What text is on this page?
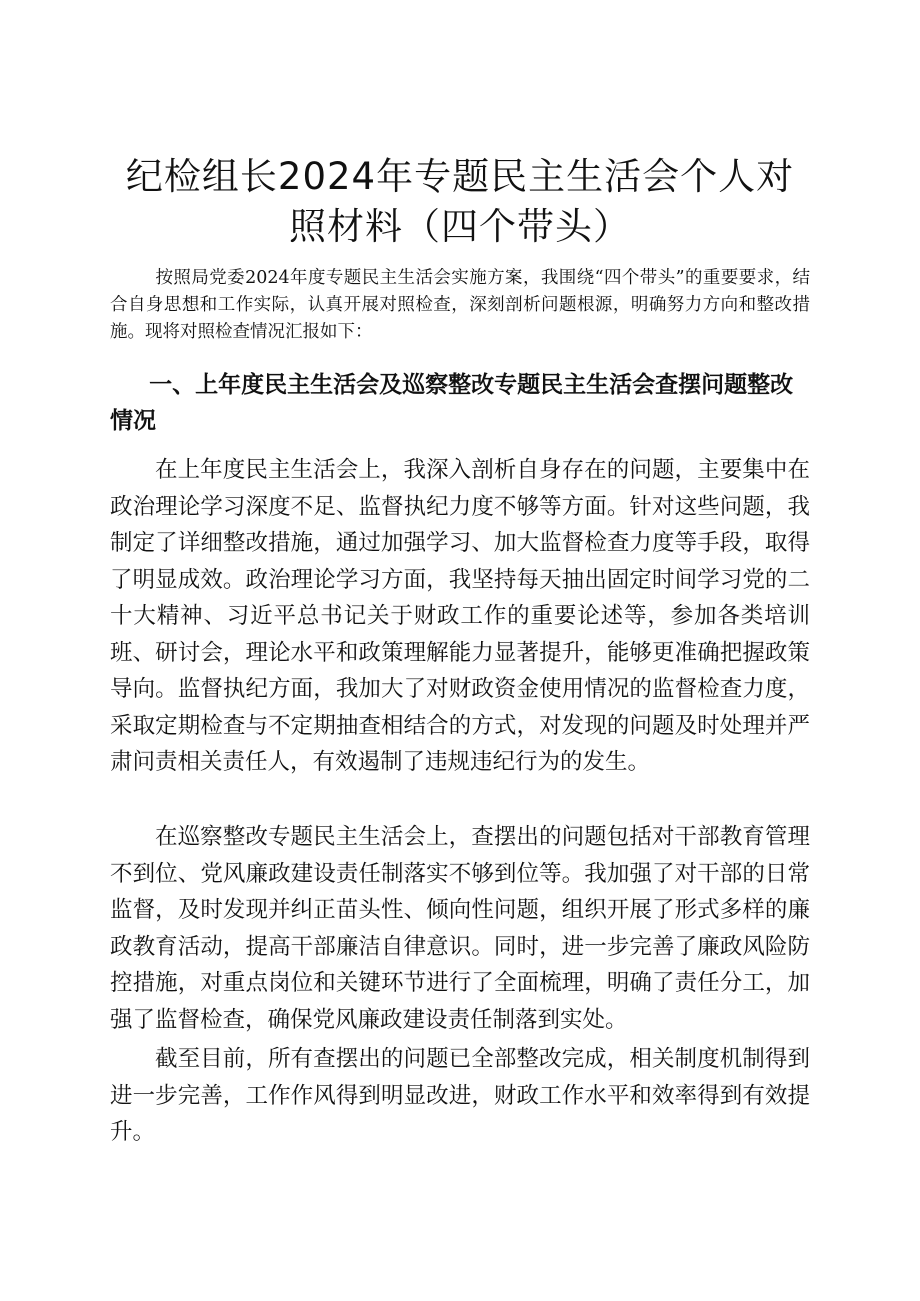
纪检组长2024年专题民主生活会个人对照材料（四个带头）

按照局党委2024年度专题民主生活会实施方案，我围绕“四个带头”的重要要求，结合自身思想和工作实际，认真开展对照检查，深刻剖析问题根源，明确努力方向和整改措施。现将对照检查情况汇报如下：

一、上年度民主生活会及巡察整改专题民主生活会查摆问题整改情况

在上年度民主生活会上，我深入剖析自身存在的问题，主要集中在政治理论学习深度不足、监督执纪力度不够等方面。针对这些问题，我制定了详细整改措施，通过加强学习、加大监督检查力度等手段，取得了明显成效。政治理论学习方面，我坚持每天抽出固定时间学习党的二十大精神、习近平总书记关于财政工作的重要论述等，参加各类培训班、研讨会，理论水平和政策理解能力显著提升，能够更准确把握政策导向。监督执纪方面，我加大了对财政资金使用情况的监督检查力度，采取定期检查与不定期抽查相结合的方式，对发现的问题及时处理并严肃问责相关责任人，有效遏制了违规违纪行为的发生。

在巡察整改专题民主生活会上，查摆出的问题包括对干部教育管理不到位、党风廉政建设责任制落实不够到位等。我加强了对干部的日常监督，及时发现并纠正苗头性、倾向性问题，组织开展了形式多样的廉政教育活动，提高干部廉洁自律意识。同时，进一步完善了廉政风险防控措施，对重点岗位和关键环节进行了全面梳理，明确了责任分工，加强了监督检查，确保党风廉政建设责任制落到实处。

截至目前，所有查摆出的问题已全部整改完成，相关制度机制得到进一步完善，工作作风得到明显改进，财政工作水平和效率得到有效提升。
